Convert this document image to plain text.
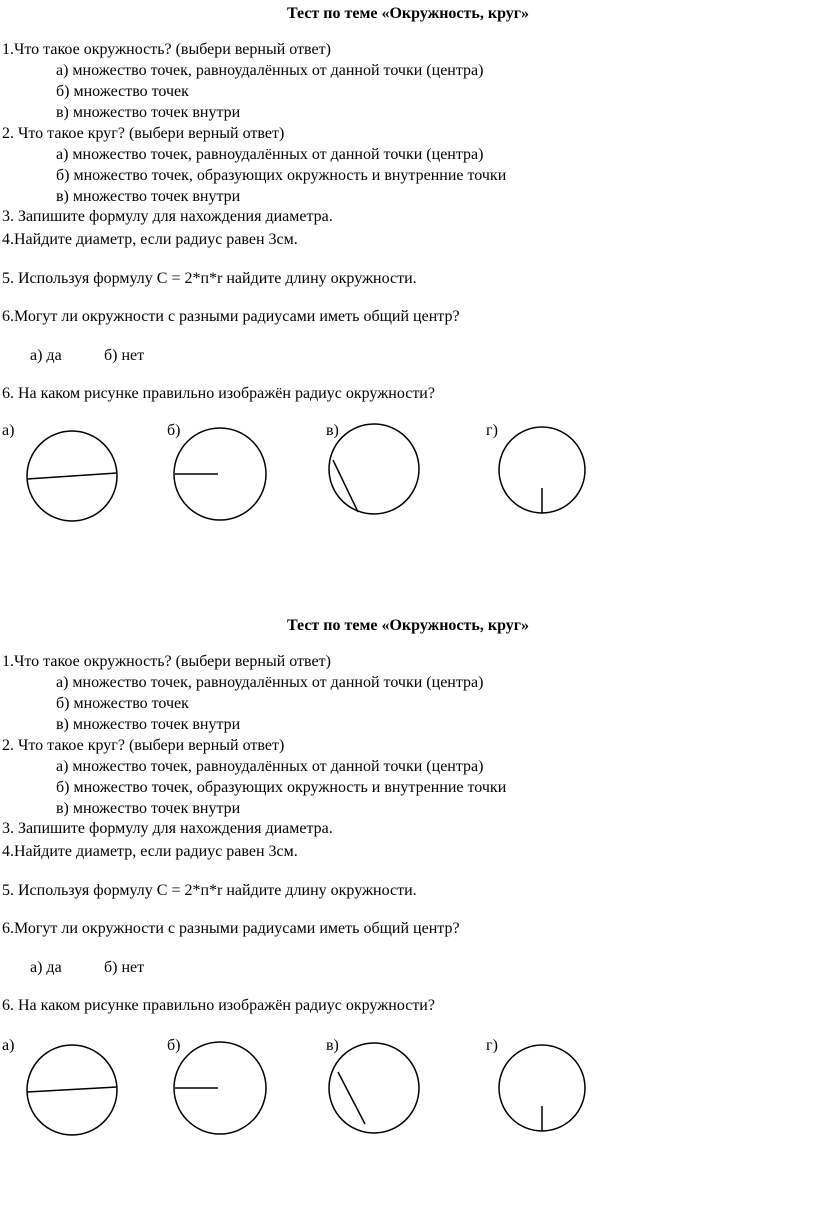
Тест по теме «Окружность, круг»
1.Что такое окружность? (выбери верный ответ)
а) множество точек, равноудалённых от данной точки (центра)
б) множество точек
в) множество точек внутри
2. Что такое круг? (выбери верный ответ)
а) множество точек, равноудалённых от данной точки (центра)
б) множество точек, образующих окружность и внутренние точки
в) множество точек внутри
3. Запишите формулу для нахождения диаметра.
4.Найдите диаметр, если радиус равен 3см.
5. Используя формулу С = 2*п*r найдите длину окружности.
6.Могут ли окружности с разными радиусами иметь общий центр?
а) да	б) нет
6. На каком рисунке правильно изображён радиус окружности?
а)	б)	в)	г)
Тест по теме «Окружность, круг»
1.Что такое окружность? (выбери верный ответ)
а) множество точек, равноудалённых от данной точки (центра)
б) множество точек
в) множество точек внутри
2. Что такое круг? (выбери верный ответ)
а) множество точек, равноудалённых от данной точки (центра)
б) множество точек, образующих окружность и внутренние точки
в) множество точек внутри
3. Запишите формулу для нахождения диаметра.
4.Найдите диаметр, если радиус равен 3см.
5. Используя формулу С = 2*п*r найдите длину окружности.
6.Могут ли окружности с разными радиусами иметь общий центр?
а) да	б) нет
6. На каком рисунке правильно изображён радиус окружности?
а)	б)	в)	г)
